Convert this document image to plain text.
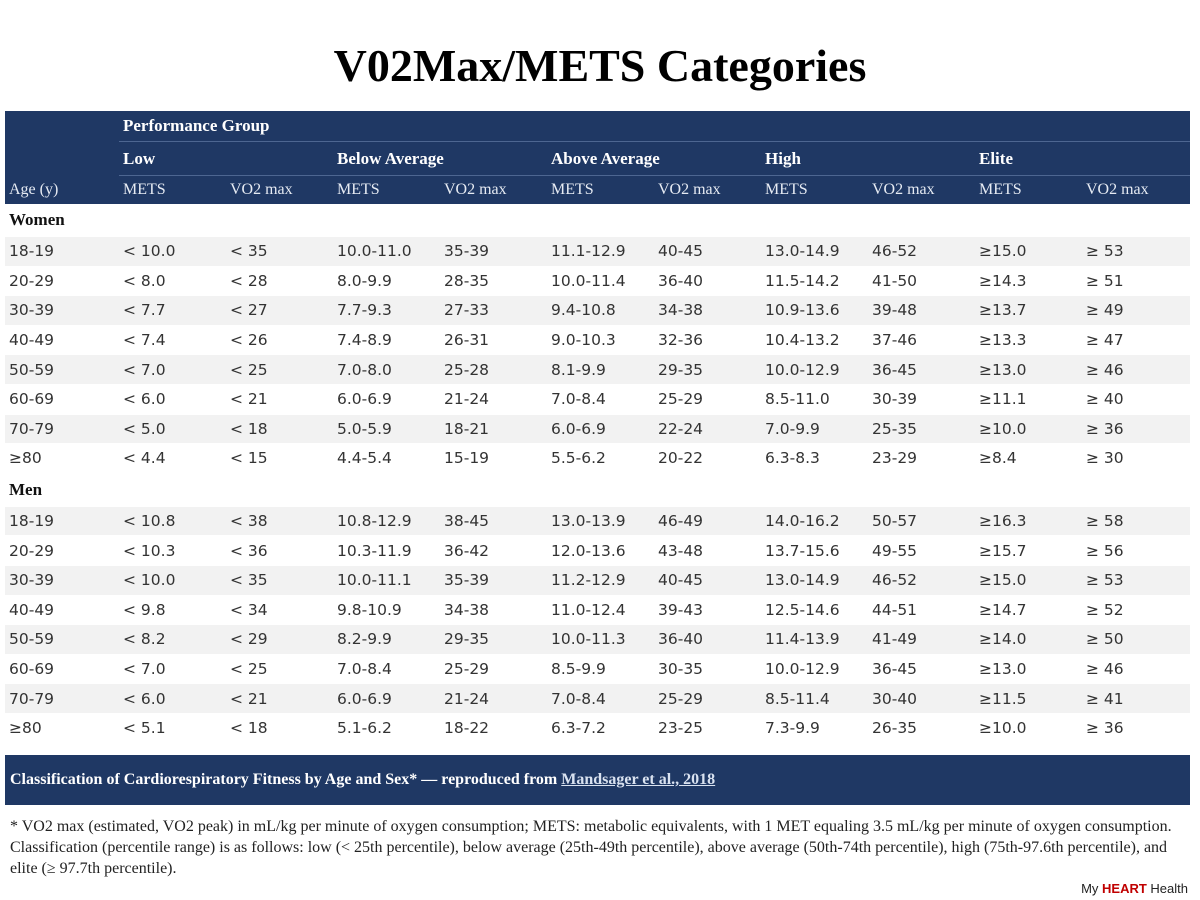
V02Max/METS Categories
	Performance Group									
	Low		Below Average		Above Average		High		Elite	
Age (y)	METS	VO2 max	METS	VO2 max	METS	VO2 max	METS	VO2 max	METS	VO2 max
Women										
18-19	< 10.0	< 35	10.0-11.0	35-39	11.1-12.9	40-45	13.0-14.9	46-52	≥15.0	≥ 53
20-29	< 8.0	< 28	8.0-9.9	28-35	10.0-11.4	36-40	11.5-14.2	41-50	≥14.3	≥ 51
30-39	< 7.7	< 27	7.7-9.3	27-33	9.4-10.8	34-38	10.9-13.6	39-48	≥13.7	≥ 49
40-49	< 7.4	< 26	7.4-8.9	26-31	9.0-10.3	32-36	10.4-13.2	37-46	≥13.3	≥ 47
50-59	< 7.0	< 25	7.0-8.0	25-28	8.1-9.9	29-35	10.0-12.9	36-45	≥13.0	≥ 46
60-69	< 6.0	< 21	6.0-6.9	21-24	7.0-8.4	25-29	8.5-11.0	30-39	≥11.1	≥ 40
70-79	< 5.0	< 18	5.0-5.9	18-21	6.0-6.9	22-24	7.0-9.9	25-35	≥10.0	≥ 36
≥80	< 4.4	< 15	4.4-5.4	15-19	5.5-6.2	20-22	6.3-8.3	23-29	≥8.4	≥ 30
Men										
18-19	< 10.8	< 38	10.8-12.9	38-45	13.0-13.9	46-49	14.0-16.2	50-57	≥16.3	≥ 58
20-29	< 10.3	< 36	10.3-11.9	36-42	12.0-13.6	43-48	13.7-15.6	49-55	≥15.7	≥ 56
30-39	< 10.0	< 35	10.0-11.1	35-39	11.2-12.9	40-45	13.0-14.9	46-52	≥15.0	≥ 53
40-49	< 9.8	< 34	9.8-10.9	34-38	11.0-12.4	39-43	12.5-14.6	44-51	≥14.7	≥ 52
50-59	< 8.2	< 29	8.2-9.9	29-35	10.0-11.3	36-40	11.4-13.9	41-49	≥14.0	≥ 50
60-69	< 7.0	< 25	7.0-8.4	25-29	8.5-9.9	30-35	10.0-12.9	36-45	≥13.0	≥ 46
70-79	< 6.0	< 21	6.0-6.9	21-24	7.0-8.4	25-29	8.5-11.4	30-40	≥11.5	≥ 41
≥80	< 5.1	< 18	5.1-6.2	18-22	6.3-7.2	23-25	7.3-9.9	26-35	≥10.0	≥ 36
Classification of Cardiorespiratory Fitness by Age and Sex* — reproduced from Mandsager et al., 2018
* VO2 max (estimated, VO2 peak) in mL/kg per minute of oxygen consumption; METS: metabolic equivalents, with 1 MET equaling 3.5 mL/kg per minute of oxygen consumption. Classification (percentile range) is as follows: low (< 25th percentile), below average (25th-49th percentile), above average (50th-74th percentile), high (75th-97.6th percentile), and elite (≥ 97.7th percentile).
My HEART Health
